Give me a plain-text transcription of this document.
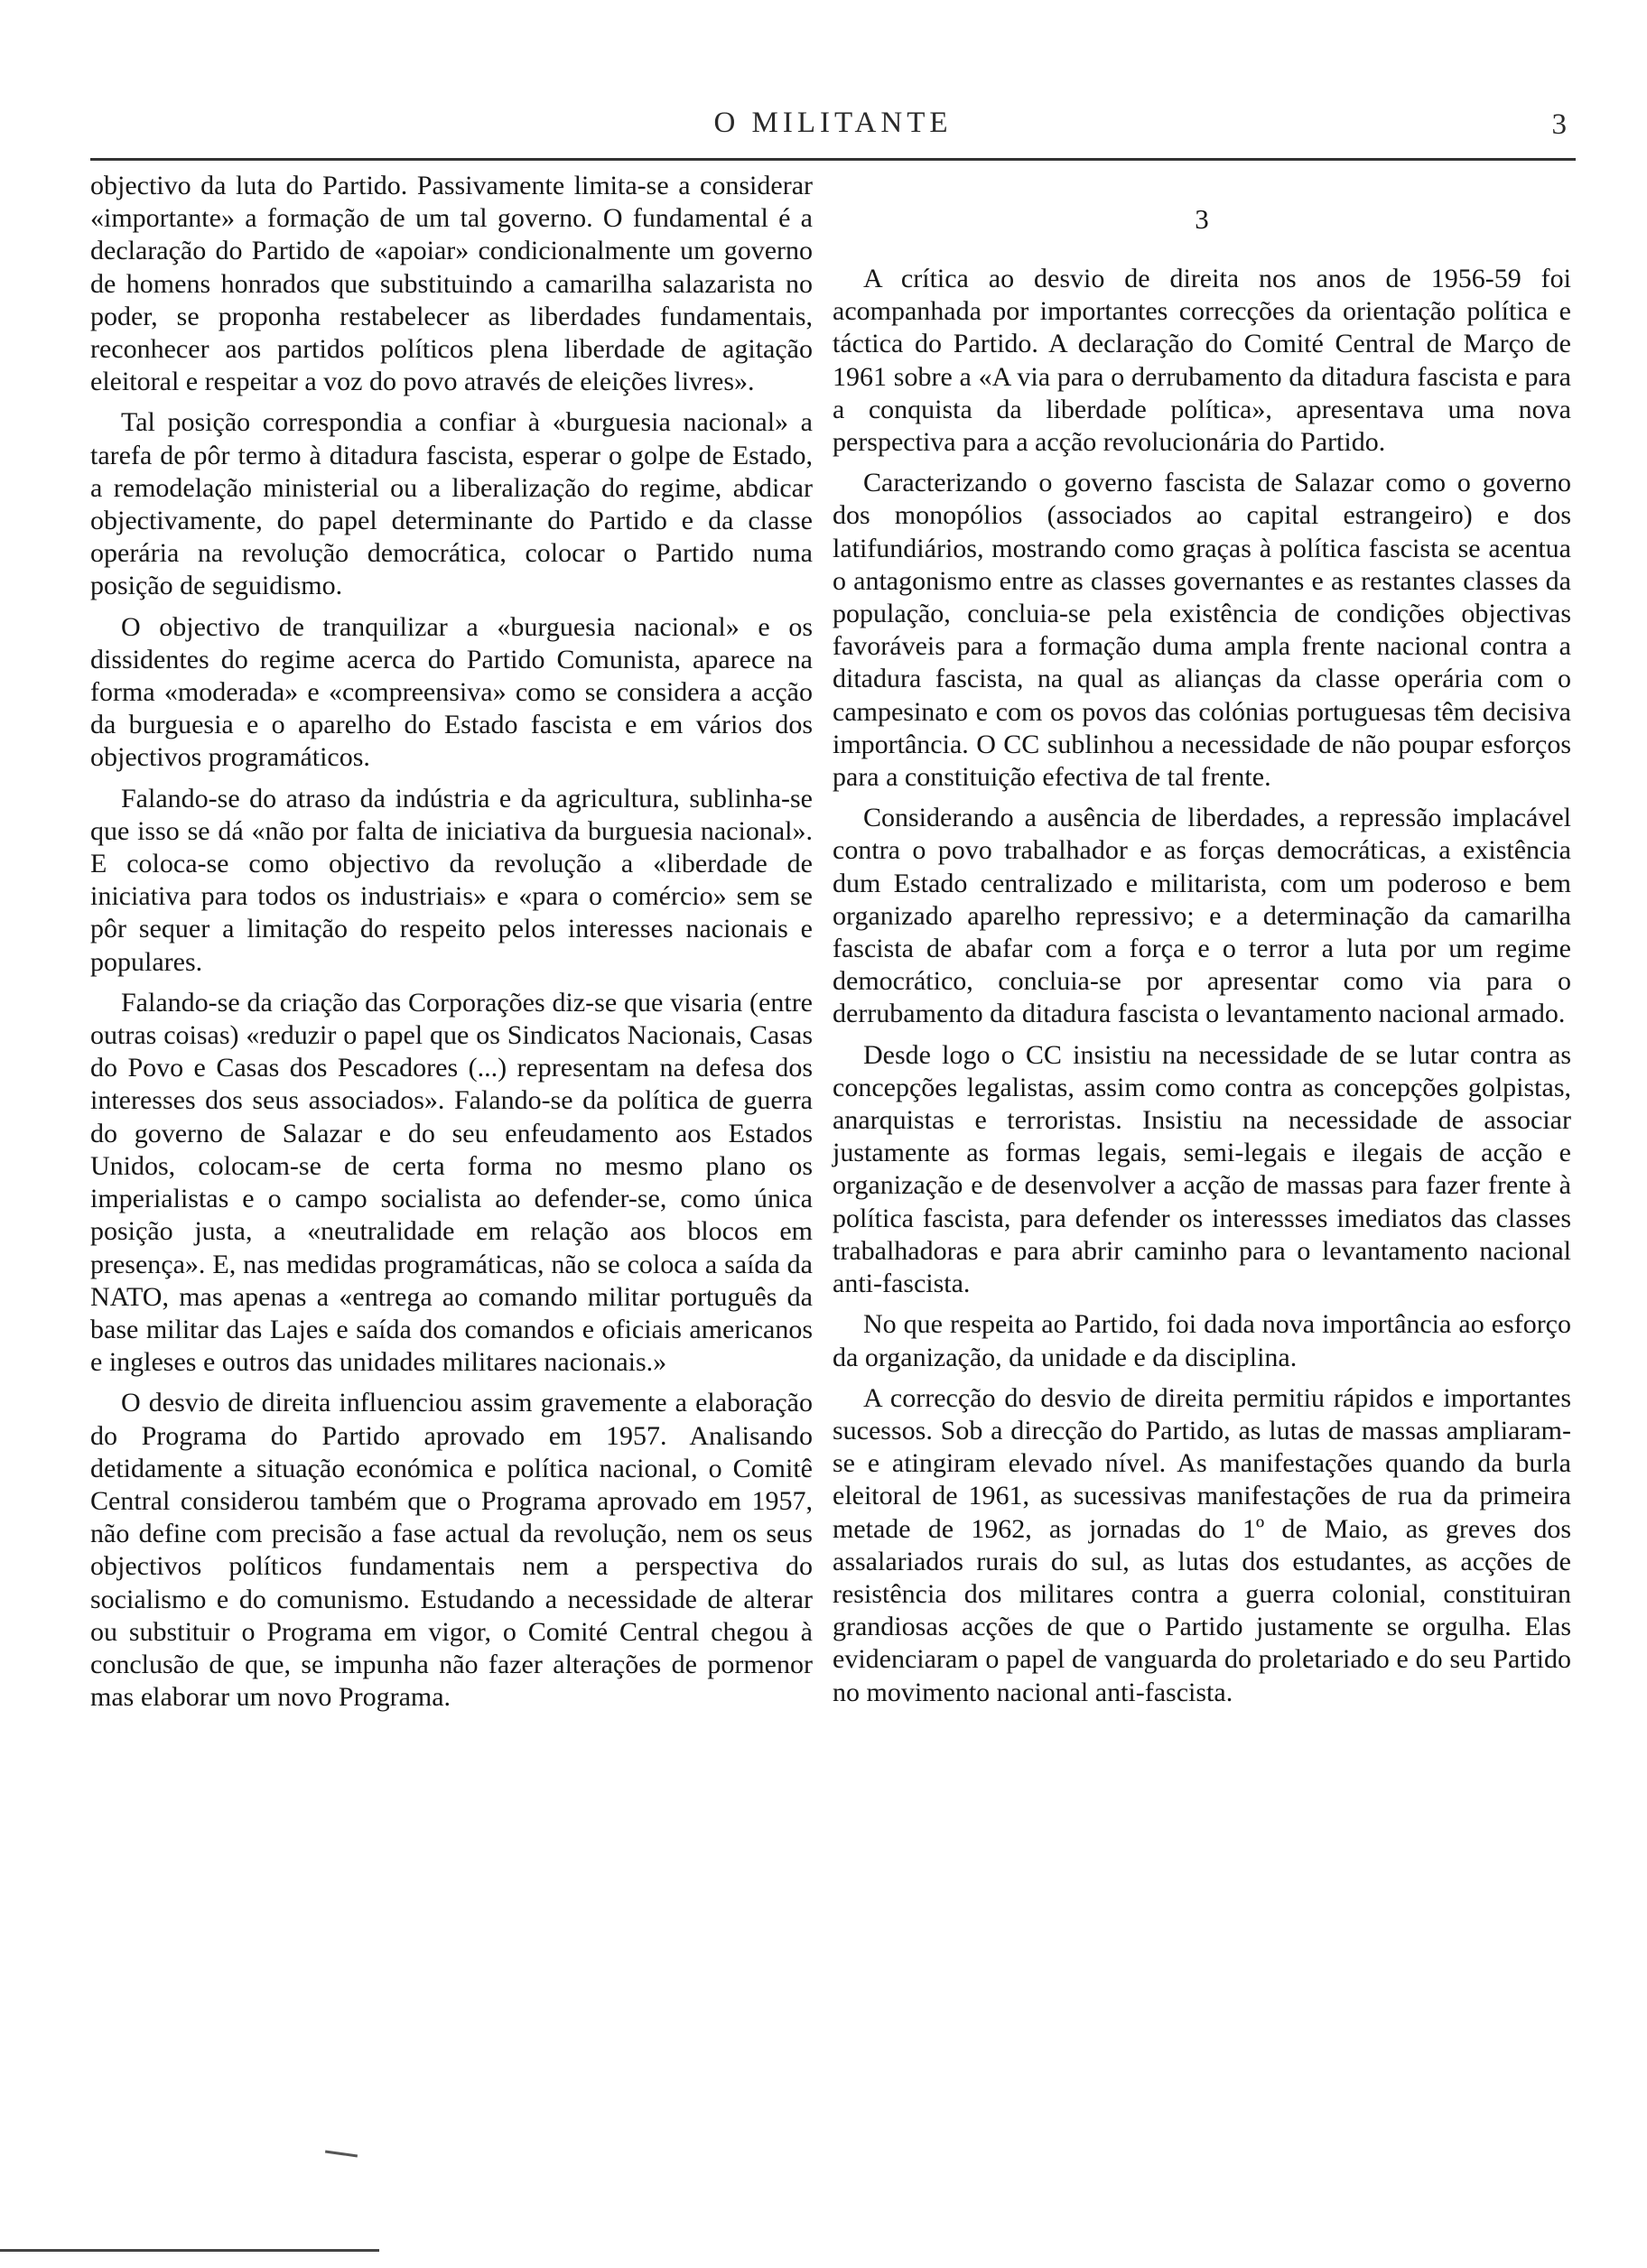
O MILITANTE	3

objectivo da luta do Partido. Passivamente limita-se a considerar «importante» a formação de um tal governo. O fundamental é a declaração do Partido de «apoiar» condicionalmente um governo de homens honrados que substituindo a camarilha salazarista no poder, se proponha restabelecer as liberdades fundamentais, reconhecer aos partidos políticos plena liberdade de agitação eleitoral e respeitar a voz do povo através de eleições livres».

Tal posição correspondia a confiar à «burguesia nacional» a tarefa de pôr termo à ditadura fascista, esperar o golpe de Estado, a remodelação ministerial ou a liberalização do regime, abdicar objectivamente, do papel determinante do Partido e da classe operária na revolução democrática, colocar o Partido numa posição de seguidismo.

O objectivo de tranquilizar a «burguesia nacional» e os dissidentes do regime acerca do Partido Comunista, aparece na forma «moderada» e «compreensiva» como se considera a acção da burguesia e o aparelho do Estado fascista e em vários dos objectivos programáticos.

Falando-se do atraso da indústria e da agricultura, sublinha-se que isso se dá «não por falta de iniciativa da burguesia nacional». E coloca-se como objectivo da revolução a «liberdade de iniciativa para todos os industriais» e «para o comércio» sem se pôr sequer a limitação do respeito pelos interesses nacionais e populares.

Falando-se da criação das Corporações diz-se que visaria (entre outras coisas) «reduzir o papel que os Sindicatos Nacionais, Casas do Povo e Casas dos Pescadores (...) representam na defesa dos interesses dos seus associados». Falando-se da política de guerra do governo de Salazar e do seu enfeudamento aos Estados Unidos, colocam-se de certa forma no mesmo plano os imperialistas e o campo socialista ao defender-se, como única posição justa, a «neutralidade em relação aos blocos em presença». E, nas medidas programáticas, não se coloca a saída da NATO, mas apenas a «entrega ao comando militar português da base militar das Lajes e saída dos comandos e oficiais americanos e ingleses e outros das unidades militares nacionais.»

O desvio de direita influenciou assim gravemente a elaboração do Programa do Partido aprovado em 1957. Analisando detidamente a situação económica e política nacional, o Comitê Central considerou também que o Programa aprovado em 1957, não define com precisão a fase actual da revolução, nem os seus objectivos políticos fundamentais nem a perspectiva do socialismo e do comunismo. Estudando a necessidade de alterar ou substituir o Programa em vigor, o Comité Central chegou à conclusão de que, se impunha não fazer alterações de pormenor mas elaborar um novo Programa.

3

A crítica ao desvio de direita nos anos de 1956-59 foi acompanhada por importantes correcções da orientação política e táctica do Partido. A declaração do Comité Central de Março de 1961 sobre a «A via para o derrubamento da ditadura fascista e para a conquista da liberdade política», apresentava uma nova perspectiva para a acção revolucionária do Partido.

Caracterizando o governo fascista de Salazar como o governo dos monopólios (associados ao capital estrangeiro) e dos latifundiários, mostrando como graças à política fascista se acentua o antagonismo entre as classes governantes e as restantes classes da população, concluia-se pela existência de condições objectivas favoráveis para a formação duma ampla frente nacional contra a ditadura fascista, na qual as alianças da classe operária com o campesinato e com os povos das colónias portuguesas têm decisiva importância. O CC sublinhou a necessidade de não poupar esforços para a constituição efectiva de tal frente.

Considerando a ausência de liberdades, a repressão implacável contra o povo trabalhador e as forças democráticas, a existência dum Estado centralizado e militarista, com um poderoso e bem organizado aparelho repressivo; e a determinação da camarilha fascista de abafar com a força e o terror a luta por um regime democrático, concluia-se por apresentar como via para o derrubamento da ditadura fascista o levantamento nacional armado.

Desde logo o CC insistiu na necessidade de se lutar contra as concepções legalistas, assim como contra as concepções golpistas, anarquistas e terroristas. Insistiu na necessidade de associar justamente as formas legais, semi-legais e ilegais de acção e organização e de desenvolver a acção de massas para fazer frente à política fascista, para defender os interessses imediatos das classes trabalhadoras e para abrir caminho para o levantamento nacional anti-fascista.

No que respeita ao Partido, foi dada nova importância ao esforço da organização, da unidade e da disciplina.

A correcção do desvio de direita permitiu rápidos e importantes sucessos. Sob a direcção do Partido, as lutas de massas ampliaram-se e atingiram elevado nível. As manifestações quando da burla eleitoral de 1961, as sucessivas manifestações de rua da primeira metade de 1962, as jornadas do 1º de Maio, as greves dos assalariados rurais do sul, as lutas dos estudantes, as acções de resistência dos militares contra a guerra colonial, constituiran grandiosas acções de que o Partido justamente se orgulha. Elas evidenciaram o papel de vanguarda do proletariado e do seu Partido no movimento nacional anti-fascista.
